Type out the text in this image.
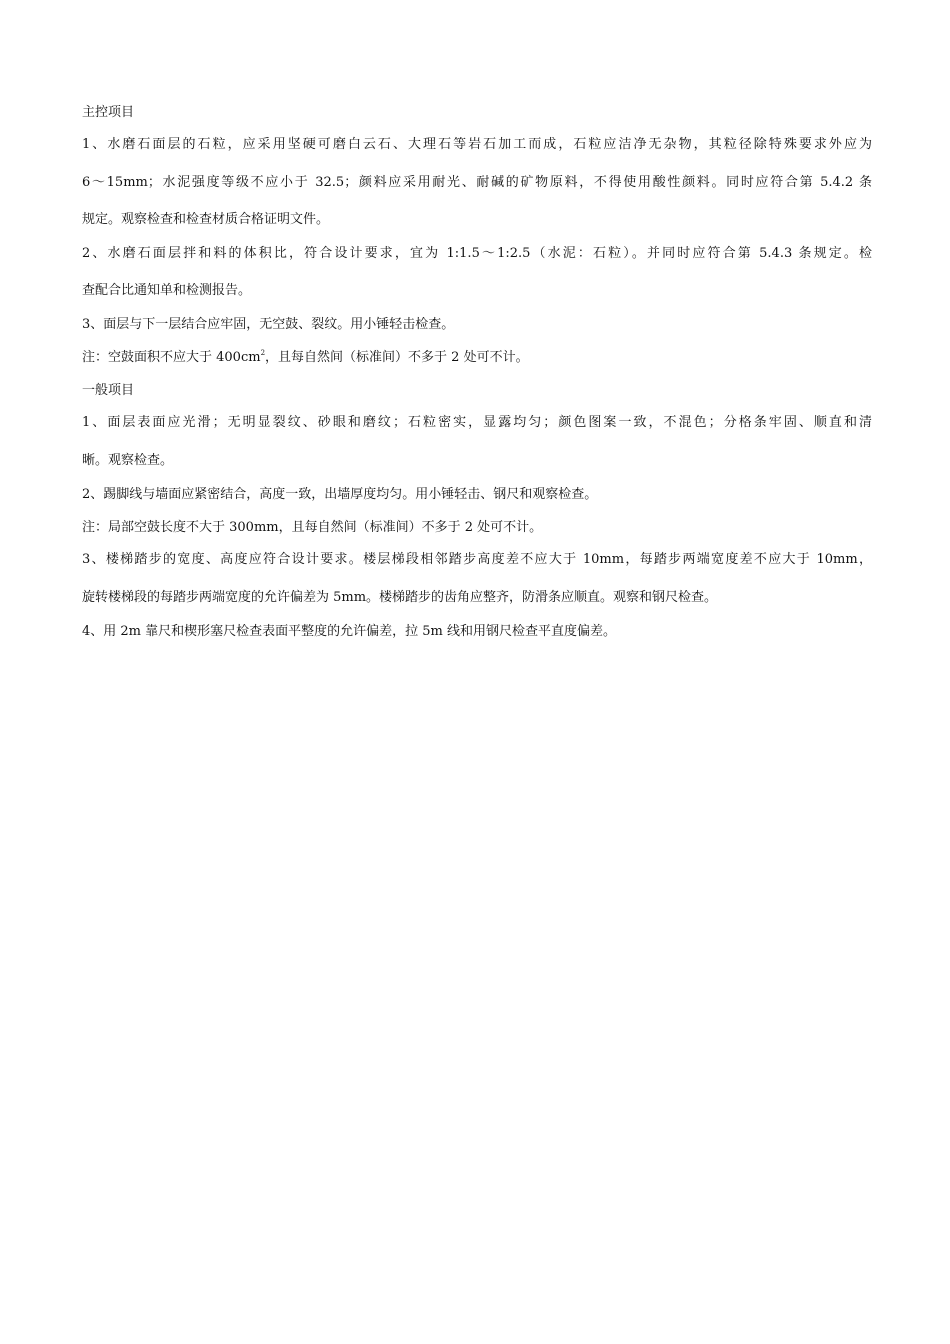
主控项目
1、水磨石面层的石粒，应采用坚硬可磨白云石、大理石等岩石加工而成，石粒应洁净无杂物，其粒径除特殊要求外应为
6～15mm；水泥强度等级不应小于 32.5；颜料应采用耐光、耐碱的矿物原料，不得使用酸性颜料。同时应符合第 5.4.2 条
规定。观察检查和检查材质合格证明文件。
2、水磨石面层拌和料的体积比，符合设计要求，宜为 1:1.5～1:2.5（水泥：石粒）。并同时应符合第 5.4.3 条规定。检
查配合比通知单和检测报告。
3、面层与下一层结合应牢固，无空鼓、裂纹。用小锤轻击检查。
注：空鼓面积不应大于 $400cm^2$，且每自然间（标准间）不多于 2 处可不计。
一般项目
1、面层表面应光滑；无明显裂纹、砂眼和磨纹；石粒密实，显露均匀；颜色图案一致，不混色；分格条牢固、顺直和清
晰。观察检查。
2、踢脚线与墙面应紧密结合，高度一致，出墙厚度均匀。用小锤轻击、钢尺和观察检查。
注：局部空鼓长度不大于 300mm，且每自然间（标准间）不多于 2 处可不计。
3、楼梯踏步的宽度、高度应符合设计要求。楼层梯段相邻踏步高度差不应大于 10mm，每踏步两端宽度差不应大于 10mm，
旋转楼梯段的每踏步两端宽度的允许偏差为 5mm。楼梯踏步的齿角应整齐，防滑条应顺直。观察和钢尺检查。
4、用 2m 靠尺和楔形塞尺检查表面平整度的允许偏差，拉 5m 线和用钢尺检查平直度偏差。
